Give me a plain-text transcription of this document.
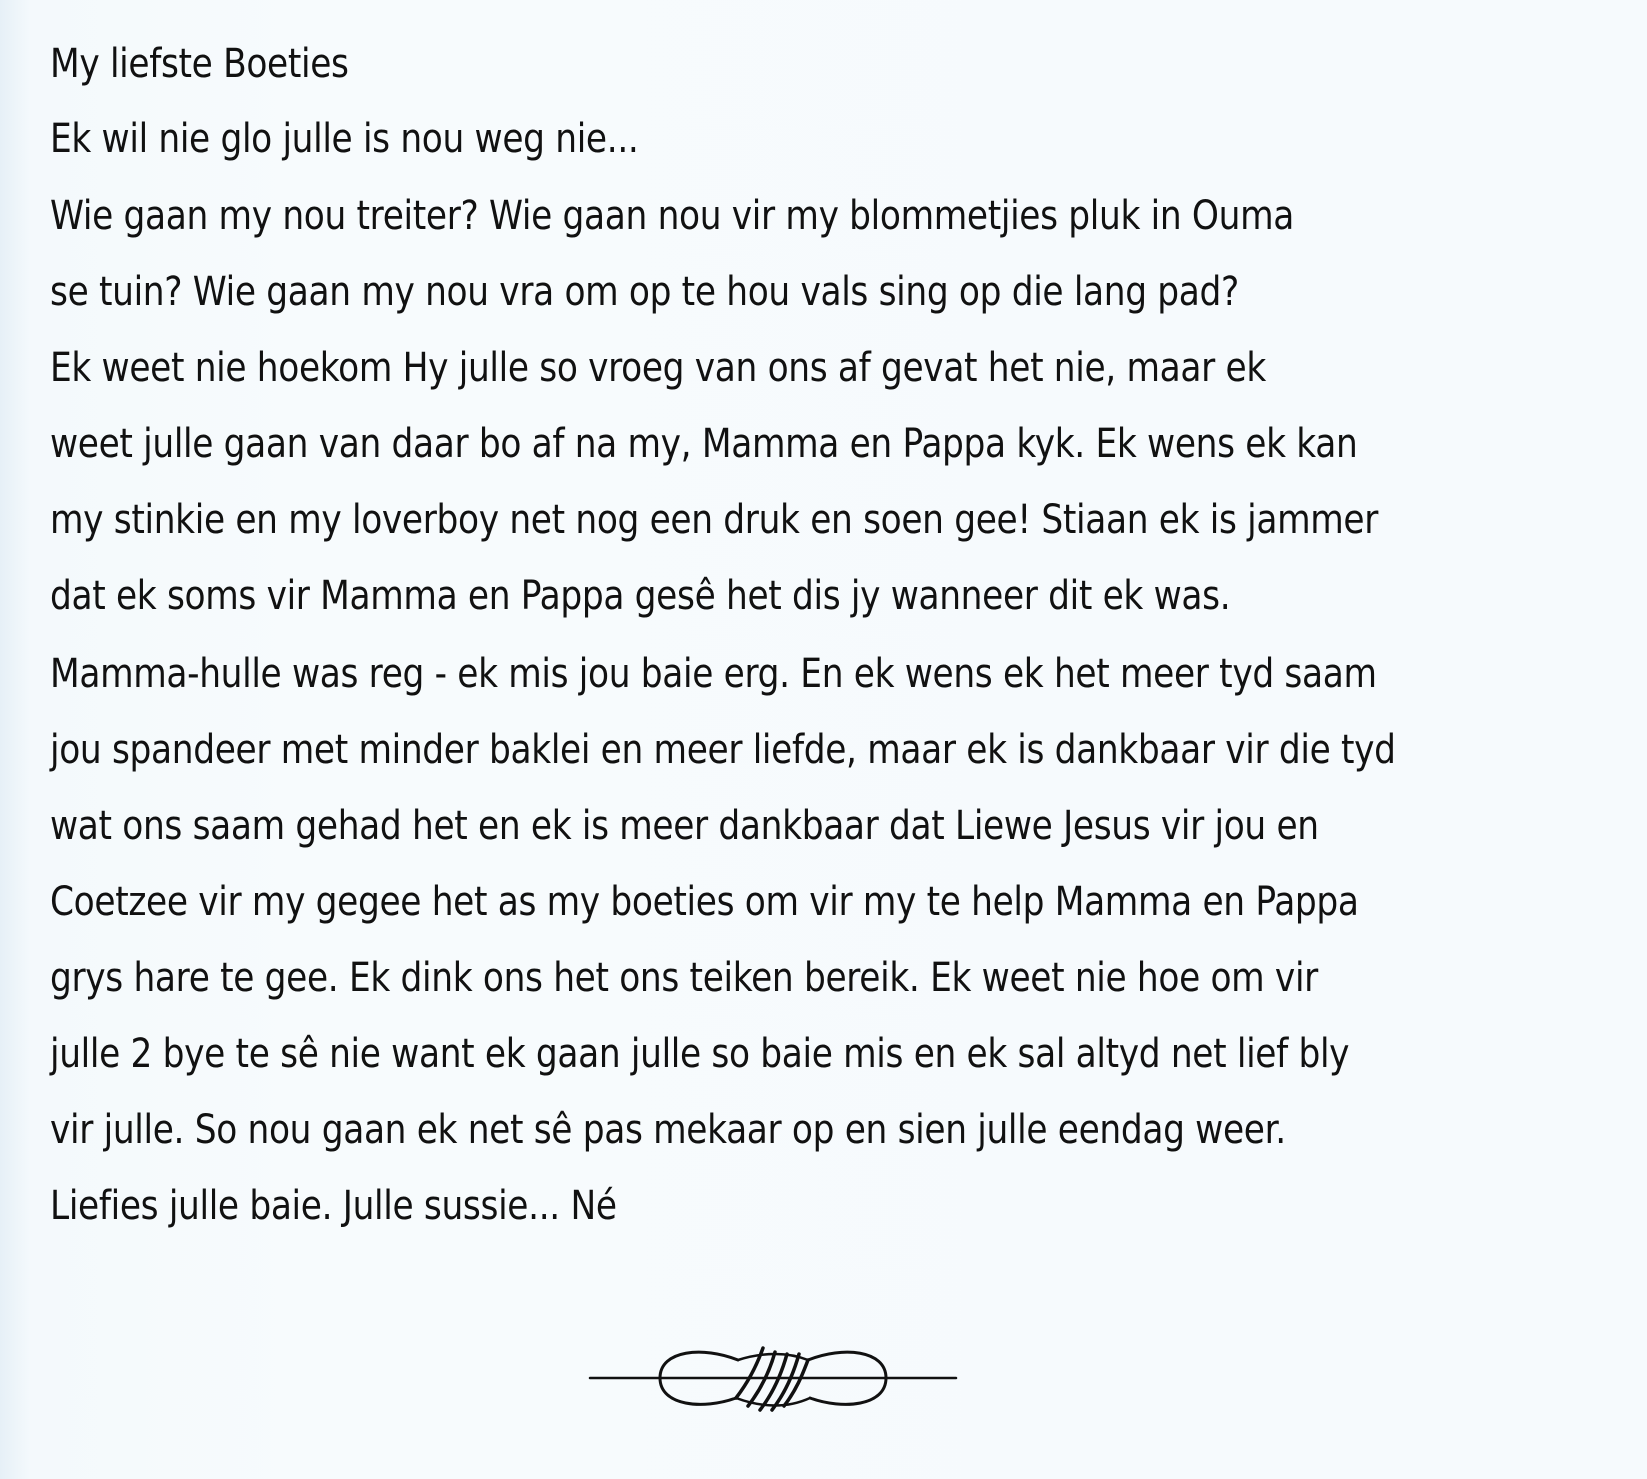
My liefste Boeties
Ek wil nie glo julle is nou weg nie...
Wie gaan my nou treiter? Wie gaan nou vir my blommetjies pluk in Ouma
se tuin? Wie gaan my nou vra om op te hou vals sing op die lang pad?
Ek weet nie hoekom Hy julle so vroeg van ons af gevat het nie, maar ek
weet julle gaan van daar bo af na my, Mamma en Pappa kyk. Ek wens ek kan
my stinkie en my loverboy net nog een druk en soen gee! Stiaan ek is jammer
dat ek soms vir Mamma en Pappa gesê het dis jy wanneer dit ek was.
Mamma-hulle was reg - ek mis jou baie erg. En ek wens ek het meer tyd saam
jou spandeer met minder baklei en meer liefde, maar ek is dankbaar vir die tyd
wat ons saam gehad het en ek is meer dankbaar dat Liewe Jesus vir jou en
Coetzee vir my gegee het as my boeties om vir my te help Mamma en Pappa
grys hare te gee. Ek dink ons het ons teiken bereik. Ek weet nie hoe om vir
julle 2 bye te sê nie want ek gaan julle so baie mis en ek sal altyd net lief bly
vir julle. So nou gaan ek net sê pas mekaar op en sien julle eendag weer.
Liefies julle baie. Julle sussie... Né
